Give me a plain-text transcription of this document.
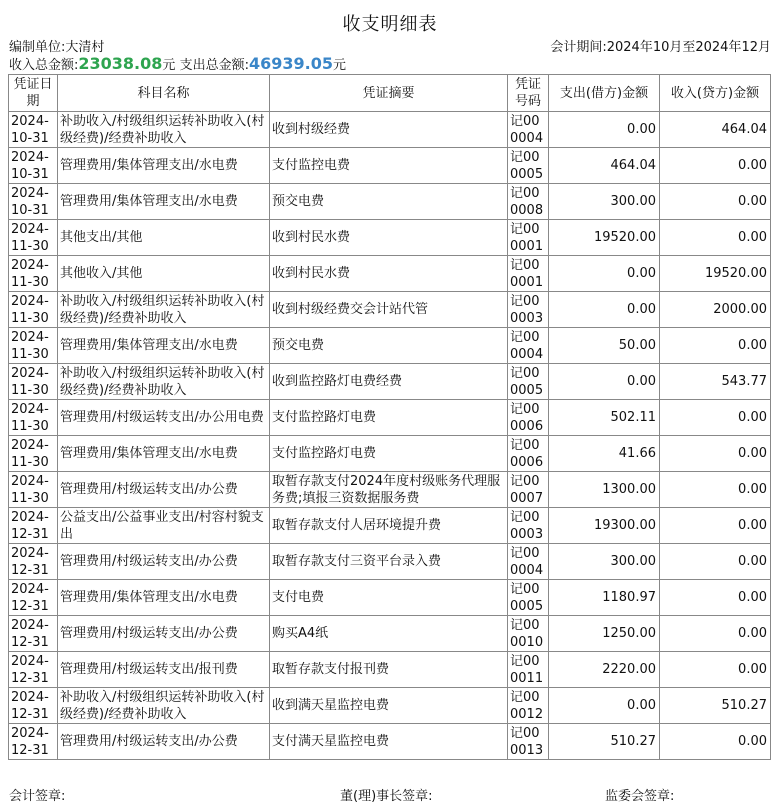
收支明细表
编制单位:大清村	会计期间:2024年10月至2024年12月
收入总金额:23038.08元 支出总金额:46939.05元
凭证日期	科目名称	凭证摘要	凭证号码	支出(借方)金额	收入(贷方)金额
2024-10-31	补助收入/村级组织运转补助收入(村级经费)/经费补助收入	收到村级经费	记000004	0.00	464.04
2024-10-31	管理费用/集体管理支出/水电费	支付监控电费	记000005	464.04	0.00
2024-10-31	管理费用/集体管理支出/水电费	预交电费	记000008	300.00	0.00
2024-11-30	其他支出/其他	收到村民水费	记000001	19520.00	0.00
2024-11-30	其他收入/其他	收到村民水费	记000001	0.00	19520.00
2024-11-30	补助收入/村级组织运转补助收入(村级经费)/经费补助收入	收到村级经费交会计站代管	记000003	0.00	2000.00
2024-11-30	管理费用/集体管理支出/水电费	预交电费	记000004	50.00	0.00
2024-11-30	补助收入/村级组织运转补助收入(村级经费)/经费补助收入	收到监控路灯电费经费	记000005	0.00	543.77
2024-11-30	管理费用/村级运转支出/办公用电费	支付监控路灯电费	记000006	502.11	0.00
2024-11-30	管理费用/集体管理支出/水电费	支付监控路灯电费	记000006	41.66	0.00
2024-11-30	管理费用/村级运转支出/办公费	取暂存款支付2024年度村级账务代理服务费;填报三资数据服务费	记000007	1300.00	0.00
2024-12-31	公益支出/公益事业支出/村容村貌支出	取暂存款支付人居环境提升费	记000003	19300.00	0.00
2024-12-31	管理费用/村级运转支出/办公费	取暂存款支付三资平台录入费	记000004	300.00	0.00
2024-12-31	管理费用/集体管理支出/水电费	支付电费	记000005	1180.97	0.00
2024-12-31	管理费用/村级运转支出/办公费	购买A4纸	记000010	1250.00	0.00
2024-12-31	管理费用/村级运转支出/报刊费	取暂存款支付报刊费	记000011	2220.00	0.00
2024-12-31	补助收入/村级组织运转补助收入(村级经费)/经费补助收入	收到满天星监控电费	记000012	0.00	510.27
2024-12-31	管理费用/村级运转支出/办公费	支付满天星监控电费	记000013	510.27	0.00
会计签章:	董(理)事长签章:	监委会签章:
